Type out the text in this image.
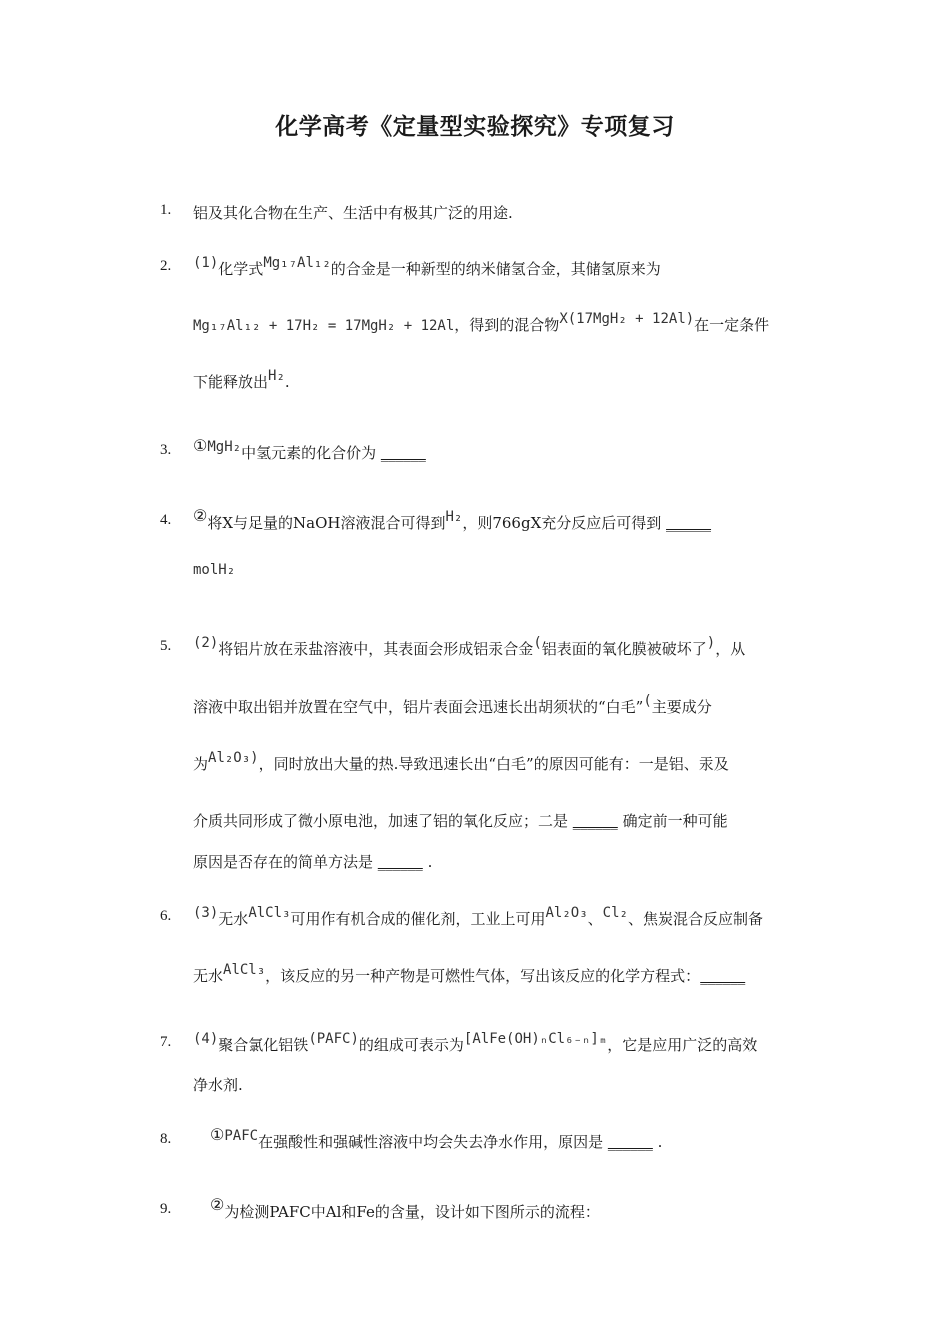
化学高考《定量型实验探究》专项复习
1.
2.
3.
4.
5.
6.
7.
8.
9.
铝及其化合物在生产、生活中有极其广泛的用途.
(1)化学式Mg₁₇Al₁₂的合金是一种新型的纳米储氢合金，其储氢原来为
Mg₁₇Al₁₂ + 17H₂ = 17MgH₂ + 12Al，得到的混合物X(17MgH₂ + 12Al)在一定条件
下能释放出H₂.
①MgH₂中氢元素的化合价为 ______
②将X与足量的NaOH溶液混合可得到H₂，则766gX充分反应后可得到 ______
molH₂
(2)将铝片放在汞盐溶液中，其表面会形成铝汞合金(铝表面的氧化膜被破坏了)，从
溶液中取出铝并放置在空气中，铝片表面会迅速长出胡须状的“白毛”(主要成分
为Al₂O₃)，同时放出大量的热.导致迅速长出“白毛”的原因可能有：一是铝、汞及
介质共同形成了微小原电池，加速了铝的氧化反应；二是 ______ 确定前一种可能
原因是否存在的简单方法是 ______ .
(3)无水AlCl₃可用作有机合成的催化剂，工业上可用Al₂O₃、Cl₂、焦炭混合反应制备
无水AlCl₃，该反应的另一种产物是可燃性气体，写出该反应的化学方程式：______
(4)聚合氯化铝铁(PAFC)的组成可表示为[AlFe(OH)ₙCl₆₋ₙ]ₘ，它是应用广泛的高效
净水剂.
①PAFC在强酸性和强碱性溶液中均会失去净水作用，原因是 ______ .
②为检测PAFC中Al和Fe的含量，设计如下图所示的流程：
